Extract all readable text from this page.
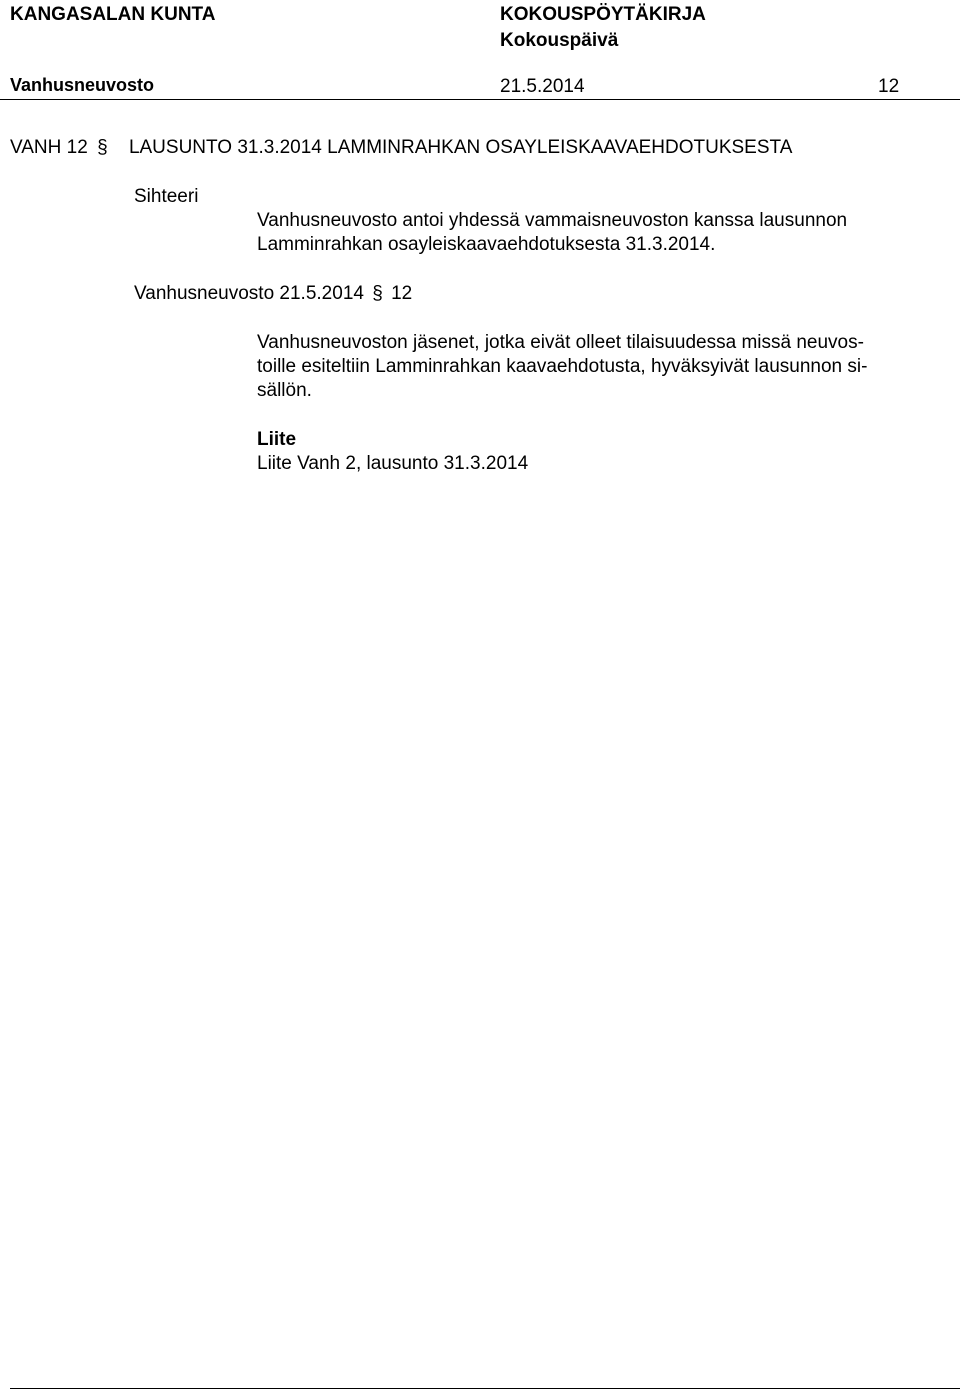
KANGASALAN KUNTA	KOKOUSPÖYTÄKIRJA
Kokouspäivä
Vanhusneuvosto	21.5.2014	12
VANH 12 § LAUSUNTO 31.3.2014 LAMMINRAHKAN OSAYLEISKAAVAEHDOTUKSESTA
Sihteeri
Vanhusneuvosto antoi yhdessä vammaisneuvoston kanssa lausunnon
Lamminrahkan osayleiskaavaehdotuksesta 31.3.2014.
Vanhusneuvosto 21.5.2014 § 12
Vanhusneuvoston jäsenet, jotka eivät olleet tilaisuudessa missä neuvos-
toille esiteltiin Lamminrahkan kaavaehdotusta, hyväksyivät lausunnon si-
sällön.
Liite
Liite Vanh 2, lausunto 31.3.2014
